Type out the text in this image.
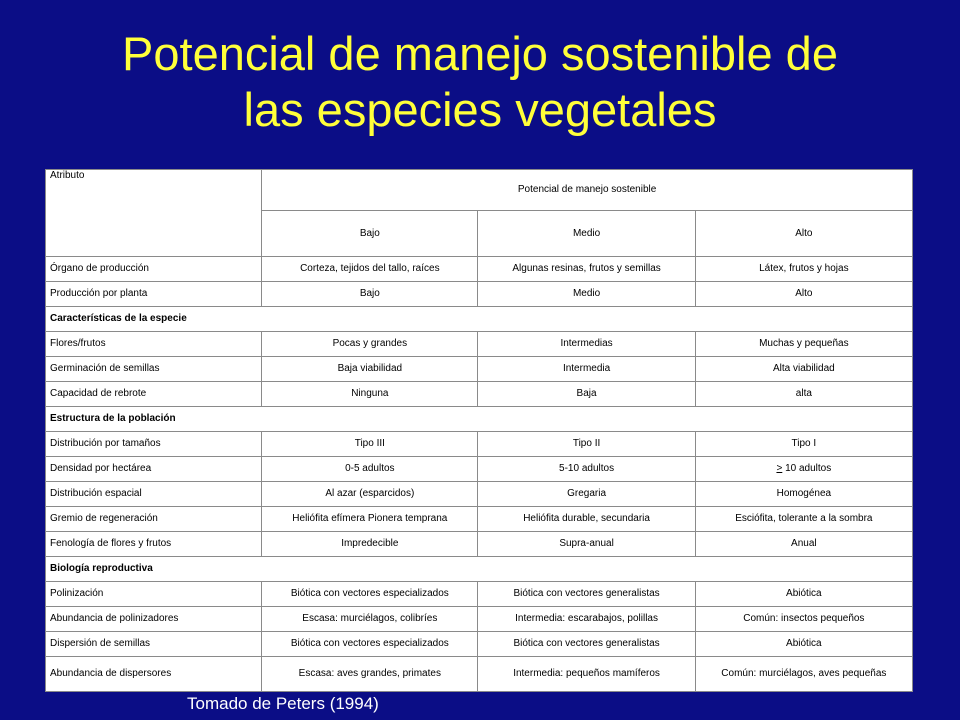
Potencial de manejo sostenible de
las especies vegetales
Atributo	Potencial de manejo sostenible		
	Bajo	Medio	Alto
Órgano de producción	Corteza, tejidos del tallo, raíces	Algunas resinas, frutos y semillas	Látex, frutos y hojas
Producción por planta	Bajo	Medio	Alto
Características de la especie			
Flores/frutos	Pocas y grandes	Intermedias	Muchas y pequeñas
Germinación de semillas	Baja viabilidad	Intermedia	Alta viabilidad
Capacidad de rebrote	Ninguna	Baja	alta
Estructura de la población			
Distribución por tamaños	Tipo III	Tipo II	Tipo I
Densidad por hectárea	0-5 adultos	5-10 adultos	≥ 10 adultos
Distribución espacial	Al azar (esparcidos)	Gregaria	Homogénea
Gremio de regeneración	Heliófita efímera Pionera temprana	Heliófita durable, secundaria	Esciófita, tolerante a la sombra
Fenología de flores y frutos	Impredecible	Supra-anual	Anual
Biología reproductiva			
Polinización	Biótica con vectores especializados	Biótica con vectores generalistas	Abiótica
Abundancia de polinizadores	Escasa: murciélagos, colibríes	Intermedia: escarabajos, polillas	Común: insectos pequeños
Dispersión de semillas	Biótica con vectores especializados	Biótica con vectores generalistas	Abiótica
Abundancia de dispersores	Escasa: aves grandes, primates	Intermedia: pequeños mamíferos	Común: murciélagos, aves pequeñas
Tomado de Peters (1994)
